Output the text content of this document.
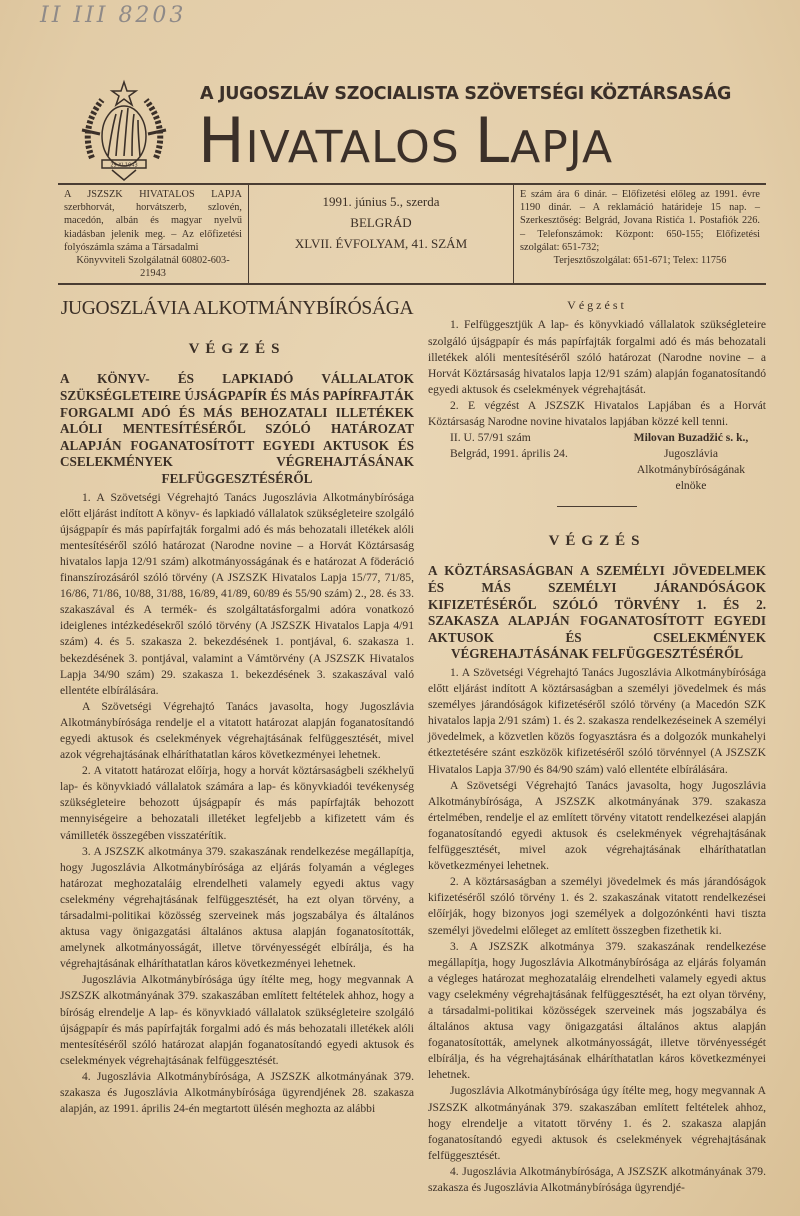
II III 8203
29-XI-1943
A JUGOSZLÁV SZOCIALISTA SZÖVETSÉGI KÖZTÁRSASÁG
HIVATALOS LAPJA
A JSZSZK HIVATALOS LAPJA szerbhorvát, horvátszerb, szlovén, macedón, albán és magyar nyelvű kiadásban jelenik meg. – Az előfizetési folyószámla száma a Társadalmi
Könyvviteli Szolgálatnál 60802-603-21943
1991. június 5., szerda
BELGRÁD
XLVII. ÉVFOLYAM, 41. SZÁM
E szám ára 6 dinár. – Előfizetési előleg az 1991. évre 1190 dinár. – A reklamáció határideje 15 nap. – Szerkesztőség: Belgrád, Jovana Ristića 1. Postafiók 226. – Telefonszámok: Központ: 650-155; Előfizetési szolgálat: 651-732;
Terjesztőszolgálat: 651-671; Telex: 11756
JUGOSZLÁVIA ALKOTMÁNYBÍRÓSÁGA
VÉGZÉS
A KÖNYV- ÉS LAPKIADÓ VÁLLALATOK SZÜKSÉGLETEIRE ÚJSÁGPAPÍR ÉS MÁS PAPÍRFAJTÁK FORGALMI ADÓ ÉS MÁS BEHOZATALI ILLETÉKEK ALÓLI MENTESÍTÉSÉRŐL SZÓLÓ HATÁROZAT ALAPJÁN FOGANATOSÍTOTT EGYEDI AKTUSOK ÉS CSELEKMÉNYEK VÉGREHAJTÁSÁNAK FELFÜGGESZTÉSÉRŐL

1. A Szövetségi Végrehajtó Tanács Jugoszlávia Alkotmánybírósága előtt eljárást indított A könyv- és lapkiadó vállalatok szükségleteire szolgáló újságpapír és más papírfajták forgalmi adó és más behozatali illetékek alóli mentesítéséről szóló határozat (Narodne novine – a Horvát Köztársaság hivatalos lapja 12/91 szám) alkotmányosságának és e határozat A föderáció finanszírozásáról szóló törvény (A JSZSZK Hivatalos Lapja 15/77, 71/85, 16/86, 71/86, 10/88, 31/88, 16/89, 41/89, 60/89 és 55/90 szám) 2., 28. és 33. szakaszával és A termék- és szolgáltatásforgalmi adóra vonatkozó ideiglenes intézkedésekről szóló törvény (A JSZSZK Hivatalos Lapja 4/91 szám) 4. és 5. szakasza 2. bekezdésének 1. pontjával, 6. szakasza 1. bekezdésének 3. pontjával, valamint a Vámtörvény (A JSZSZK Hivatalos Lapja 34/90 szám) 29. szakasza 1. bekezdésének 3. szakaszával való ellentéte elbírálására.

A Szövetségi Végrehajtó Tanács javasolta, hogy Jugoszlávia Alkotmánybírósága rendelje el a vitatott határozat alapján foganatosítandó egyedi aktusok és cselekmények végrehajtásának felfüggesztését, mivel azok végrehajtásának elháríthatatlan káros következményei lehetnek.

2. A vitatott határozat előírja, hogy a horvát köztársaságbeli székhelyű lap- és könyvkiadó vállalatok számára a lap- és könyvkiadói tevékenység szükségleteire behozott újságpapír és más papírfajták behozott mennyiségeire a behozatali illetéket legfeljebb a kifizetett vám és vámilleték összegében visszatérítik.

3. A JSZSZK alkotmánya 379. szakaszának rendelkezése megállapítja, hogy Jugoszlávia Alkotmánybírósága az eljárás folyamán a végleges határozat meghozataláig elrendelheti valamely egyedi aktus vagy cselekmény végrehajtásának felfüggesztését, ha ezt olyan törvény, a társadalmi-politikai közösség szerveinek más jogszabálya és általános aktusa vagy önigazgatási általános aktusa alapján foganatosították, amelynek alkotmányosságát, illetve törvényességét elbírálja, és ha végrehajtásának elháríthatatlan káros következményei lehetnek.

Jugoszlávia Alkotmánybírósága úgy ítélte meg, hogy megvannak A JSZSZK alkotmányának 379. szakaszában említett feltételek ahhoz, hogy a bíróság elrendelje A lap- és könyvkiadó vállalatok szükségleteire szolgáló újságpapír és más papírfajták forgalmi adó és más behozatali illetékek alóli mentesítéséről szóló határozat alapján foganatosítandó egyedi aktusok és cselekmények végrehajtásának felfüggesztését.

4. Jugoszlávia Alkotmánybírósága, A JSZSZK alkotmányának 379. szakasza és Jugoszlávia Alkotmánybírósága ügyrendjének 28. szakasza alapján, az 1991. április 24-én megtartott ülésén meghozta az alábbi

Végzést

1. Felfüggesztjük A lap- és könyvkiadó vállalatok szükségleteire szolgáló újságpapír és más papírfajták forgalmi adó és más behozatali illetékek alóli mentesítéséről szóló határozat (Narodne novine – a Horvát Köztársaság hivatalos lapja 12/91 szám) alapján foganatosítandó egyedi aktusok és cselekmények végrehajtását.

2. E végzést A JSZSZK Hivatalos Lapjában és a Horvát Köztársaság Narodne novine hivatalos lapjában közzé kell tenni.

II. U. 57/91 szám
Belgrád, 1991. április 24.
Milovan Buzadžić s. k.,
Jugoszlávia
Alkotmánybíróságának
elnöke
VÉGZÉS
A KÖZTÁRSASÁGBAN A SZEMÉLYI JÖVEDELMEK ÉS MÁS SZEMÉLYI JÁRANDÓSÁGOK KIFIZETÉSÉRŐL SZÓLÓ TÖRVÉNY 1. ÉS 2. SZAKASZA ALAPJÁN FOGANATOSÍTOTT EGYEDI AKTUSOK ÉS CSELEKMÉNYEK VÉGREHAJTÁSÁNAK FELFÜGGESZTÉSÉRŐL

1. A Szövetségi Végrehajtó Tanács Jugoszlávia Alkotmánybírósága előtt eljárást indított A köztársaságban a személyi jövedelmek és más személyes járandóságok kifizetéséről szóló törvény (a Macedón SZK hivatalos lapja 2/91 szám) 1. és 2. szakasza rendelkezéseinek A személyi jövedelmek, a közvetlen közös fogyasztásra és a dolgozók munkahelyi étkeztetésére szánt eszközök kifizetéséről szóló törvénnyel (A JSZSZK Hivatalos Lapja 37/90 és 84/90 szám) való ellentéte elbírálására.

A Szövetségi Végrehajtó Tanács javasolta, hogy Jugoszlávia Alkotmánybírósága, A JSZSZK alkotmányának 379. szakasza értelmében, rendelje el az említett törvény vitatott rendelkezései alapján foganatosítandó egyedi aktusok és cselekmények végrehajtásának felfüggesztését, mivel azok végrehajtásának elháríthatatlan következményei lehetnek.

2. A köztársaságban a személyi jövedelmek és más járandóságok kifizetéséről szóló törvény 1. és 2. szakaszának vitatott rendelkezései előírják, hogy bizonyos jogi személyek a dolgozónkénti havi tiszta személyi jövedelmi előleget az említett összegben fizethetik ki.

3. A JSZSZK alkotmánya 379. szakaszának rendelkezése megállapítja, hogy Jugoszlávia Alkotmánybírósága az eljárás folyamán a végleges határozat meghozataláig elrendelheti valamely egyedi aktus vagy cselekmény végrehajtásának felfüggesztését, ha ezt olyan törvény, a társadalmi-politikai közösségek szerveinek más jogszabálya és általános aktusa vagy önigazgatási általános aktus alapján foganatosították, amelynek alkotmányosságát, illetve törvényességét elbírálja, és ha végrehajtásának elháríthatatlan káros következményei lehetnek.

Jugoszlávia Alkotmánybírósága úgy ítélte meg, hogy megvannak A JSZSZK alkotmányának 379. szakaszában említett feltételek ahhoz, hogy elrendelje a vitatott törvény 1. és 2. szakasza alapján foganatosítandó egyedi aktusok és cselekmények végrehajtásának felfüggesztését.

4. Jugoszlávia Alkotmánybírósága, A JSZSZK alkotmányának 379. szakasza és Jugoszlávia Alkotmánybírósága ügyrendjé-
